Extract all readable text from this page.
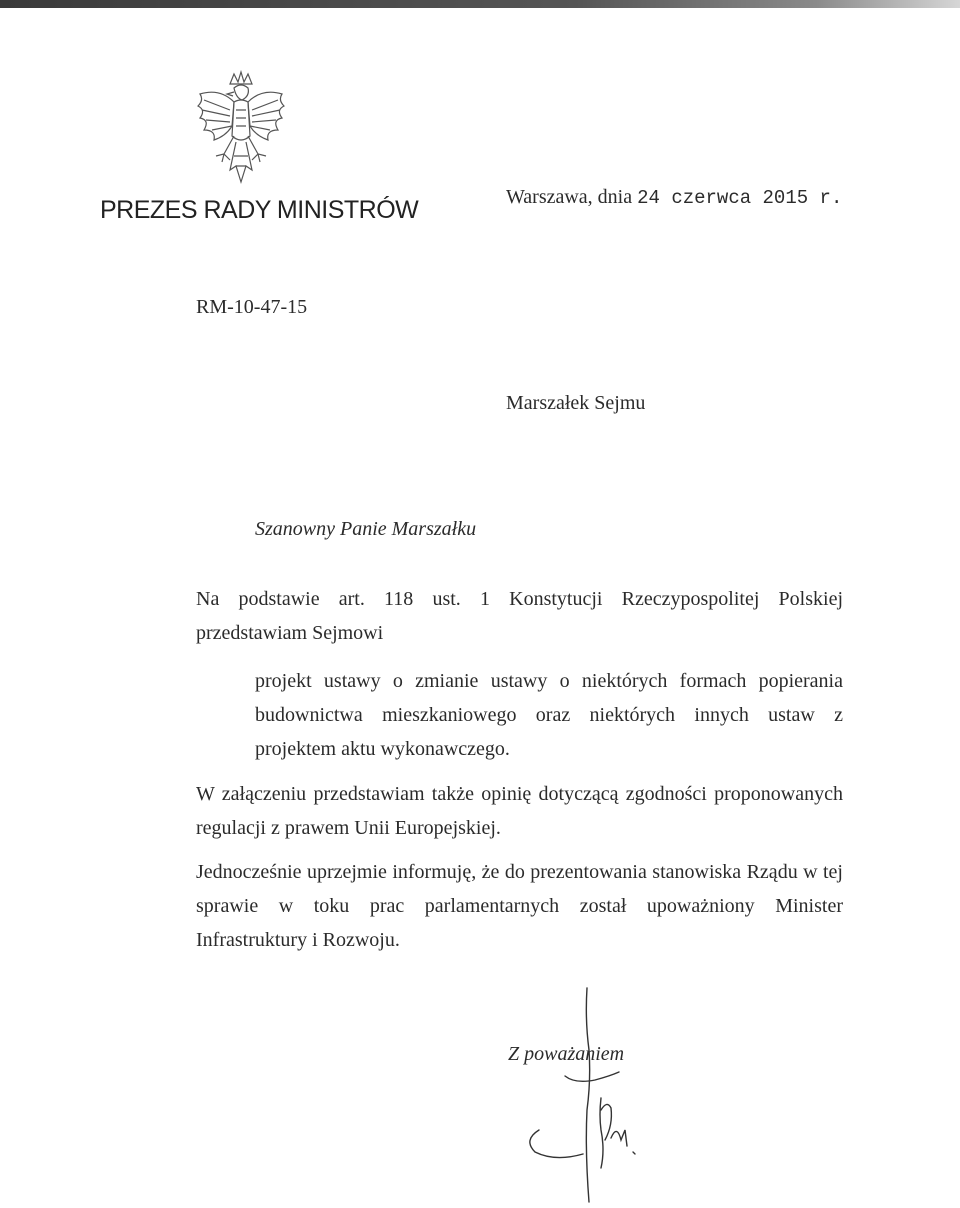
PREZES RADY MINISTRÓW	Warszawa, dnia 24 czerwca 2015 r.
RM-10-47-15
Marszałek Sejmu
Szanowny Panie Marszałku

Na podstawie art. 118 ust. 1 Konstytucji Rzeczypospolitej Polskiej przedstawiam Sejmowi

projekt ustawy o zmianie ustawy o niektórych formach popierania budownictwa mieszkaniowego oraz niektórych innych ustaw z projektem aktu wykonawczego.

W załączeniu przedstawiam także opinię dotyczącą zgodności proponowanych regulacji z prawem Unii Europejskiej.

Jednocześnie uprzejmie informuję, że do prezentowania stanowiska Rządu w tej sprawie w toku prac parlamentarnych został upoważniony Minister Infrastruktury i Rozwoju.

Z poważaniem
